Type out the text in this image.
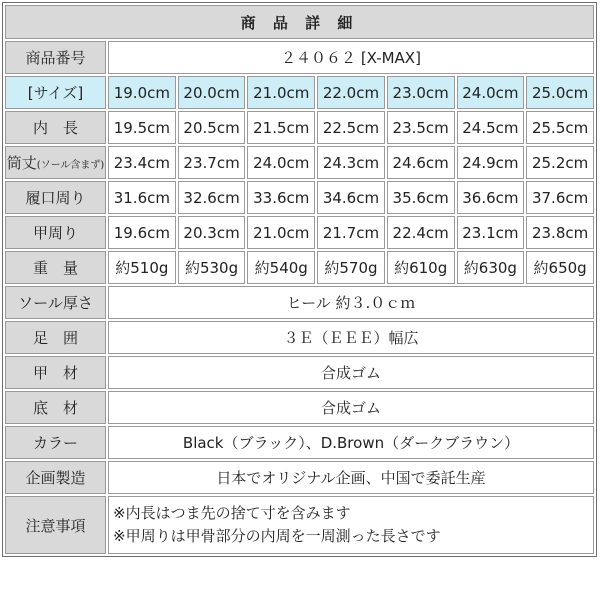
商 品 詳 細							
商品番号	２４０６２ [X-MAX]						
[サイズ]	19.0cm	20.0cm	21.0cm	22.0cm	23.0cm	24.0cm	25.0cm
内　長	19.5cm	20.5cm	21.5cm	22.5cm	23.5cm	24.5cm	25.5cm
筒丈(ソール含まず)	23.4cm	23.7cm	24.0cm	24.3cm	24.6cm	24.9cm	25.2cm
履口周り	31.6cm	32.6cm	33.6cm	34.6cm	35.6cm	36.6cm	37.6cm
甲周り	19.6cm	20.3cm	21.0cm	21.7cm	22.4cm	23.1cm	23.8cm
重　量	約510g	約530g	約540g	約570g	約610g	約630g	約650g
ソール厚さ	ヒール 約３.０ｃｍ						
足　囲	３Ｅ（ＥＥＥ）幅広						
甲　材	合成ゴム						
底　材	合成ゴム						
カラー	Black（ブラック）、D.Brown（ダークブラウン）						
企画製造	日本でオリジナル企画、中国で委託生産						
注意事項	※内長はつま先の捨て寸を含みます
※甲周りは甲骨部分の内周を一周測った長さです						
